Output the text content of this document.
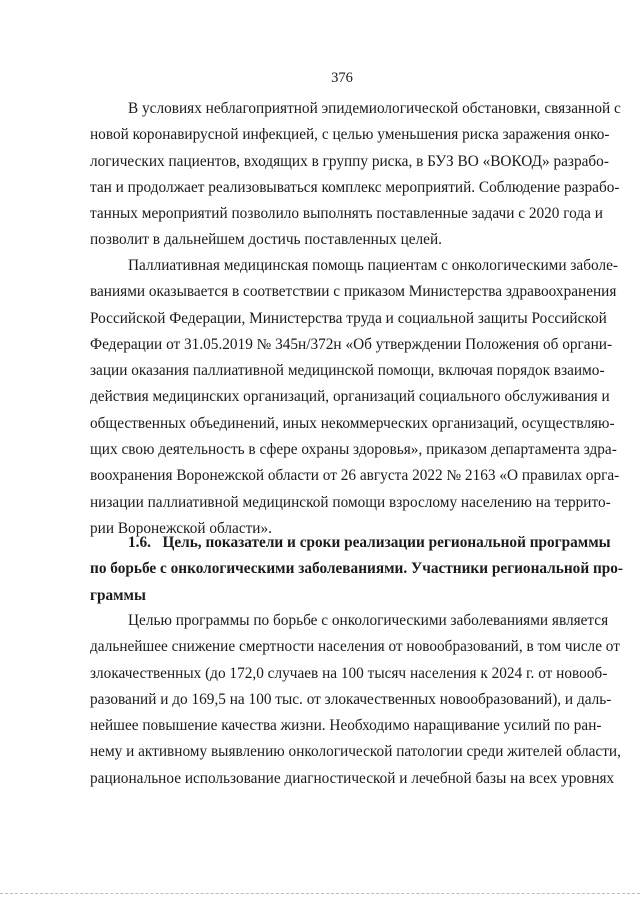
376
В условиях неблагоприятной эпидемиологической обстановки, связанной с
новой коронавирусной инфекцией, с целью уменьшения риска заражения онко-
логических пациентов, входящих в группу риска, в БУЗ ВО «ВОКОД» разрабо-
тан и продолжает реализовываться комплекс мероприятий. Соблюдение разрабо-
танных мероприятий позволило выполнять поставленные задачи с 2020 года и
позволит в дальнейшем достичь поставленных целей.
Паллиативная медицинская помощь пациентам с онкологическими заболе-
ваниями оказывается в соответствии с приказом Министерства здравоохранения
Российской Федерации, Министерства труда и социальной защиты Российской
Федерации от 31.05.2019 № 345н/372н «Об утверждении Положения об органи-
зации оказания паллиативной медицинской помощи, включая порядок взаимо-
действия медицинских организаций, организаций социального обслуживания и
общественных объединений, иных некоммерческих организаций, осуществляю-
щих свою деятельность в сфере охраны здоровья», приказом департамента здра-
воохранения Воронежской области от 26 августа 2022 № 2163 «О правилах орга-
низации паллиативной медицинской помощи взрослому населению на террито-
рии Воронежской области».
1.6. Цель, показатели и сроки реализации региональной программы
по борьбе с онкологическими заболеваниями. Участники региональной про-
граммы
Целью программы по борьбе с онкологическими заболеваниями является
дальнейшее снижение смертности населения от новообразований, в том числе от
злокачественных (до 172,0 случаев на 100 тысяч населения к 2024 г. от новооб-
разований и до 169,5 на 100 тыс. от злокачественных новообразований), и даль-
нейшее повышение качества жизни. Необходимо наращивание усилий по ран-
нему и активному выявлению онкологической патологии среди жителей области,
рациональное использование диагностической и лечебной базы на всех уровнях
